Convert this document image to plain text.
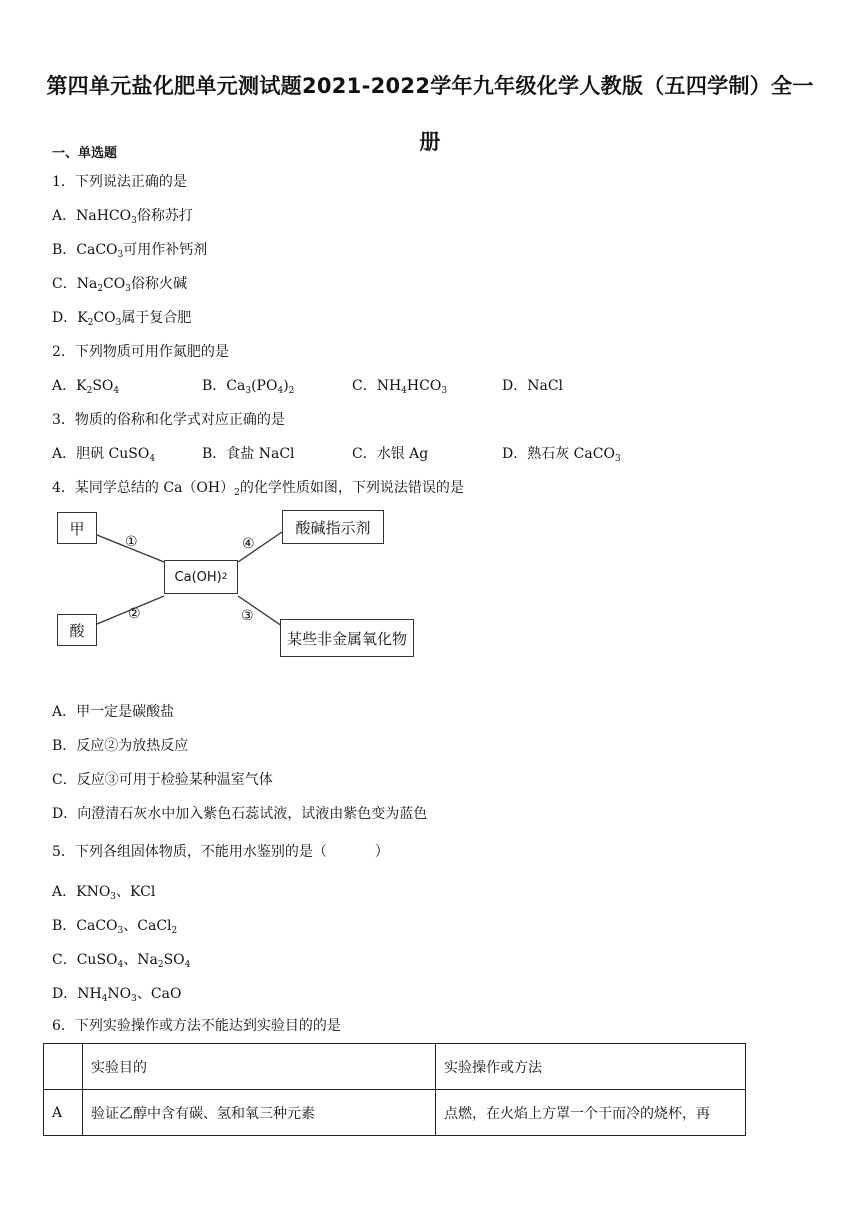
第四单元盐化肥单元测试题2021-2022学年九年级化学人教版（五四学制）全一册
一、单选题
1．下列说法正确的是
A．NaHCO$_3$俗称苏打
B．CaCO$_3$可用作补钙剂
C．$Na_2CO_3$俗称火碱
D．$K_2CO_3$属于复合肥
2．下列物质可用作氮肥的是
A．$K_2SO_4$	B．$Ca_3(PO_4)_2$	C．$NH_4HCO_3$	D．NaCl
3．物质的俗称和化学式对应正确的是
A．胆矾 CuSO$_4$	B．食盐 NaCl	C．水银 Ag	D．熟石灰 CaCO$_3$
4．某同学总结的 $Ca(OH)_2$的化学性质如图，下列说法错误的是
甲
酸
Ca(OH) 2
酸碱指示剂
某些非金属氧化物
①
②	③
④
A．甲一定是碳酸盐
B．反应②为放热反应
C．反应③可用于检验某种温室气体
D．向澄清石灰水中加入紫色石蕊试液，试液由紫色变为蓝色
5．下列各组固体物质，不能用水鉴别的是（	）
A．$KNO_3$、KCl
B．CaCO$_3$、CaCl$_2$
C．CuSO$_4$、$Na_2SO_4$
D．$NH_4NO_3$、CaO
6．下列实验操作或方法不能达到实验目的的是
	实验目的	实验操作或方法
A	验证乙醇中含有碳、氢和氧三种元素	点燃，在火焰上方罩一个干而冷的烧杯，再
